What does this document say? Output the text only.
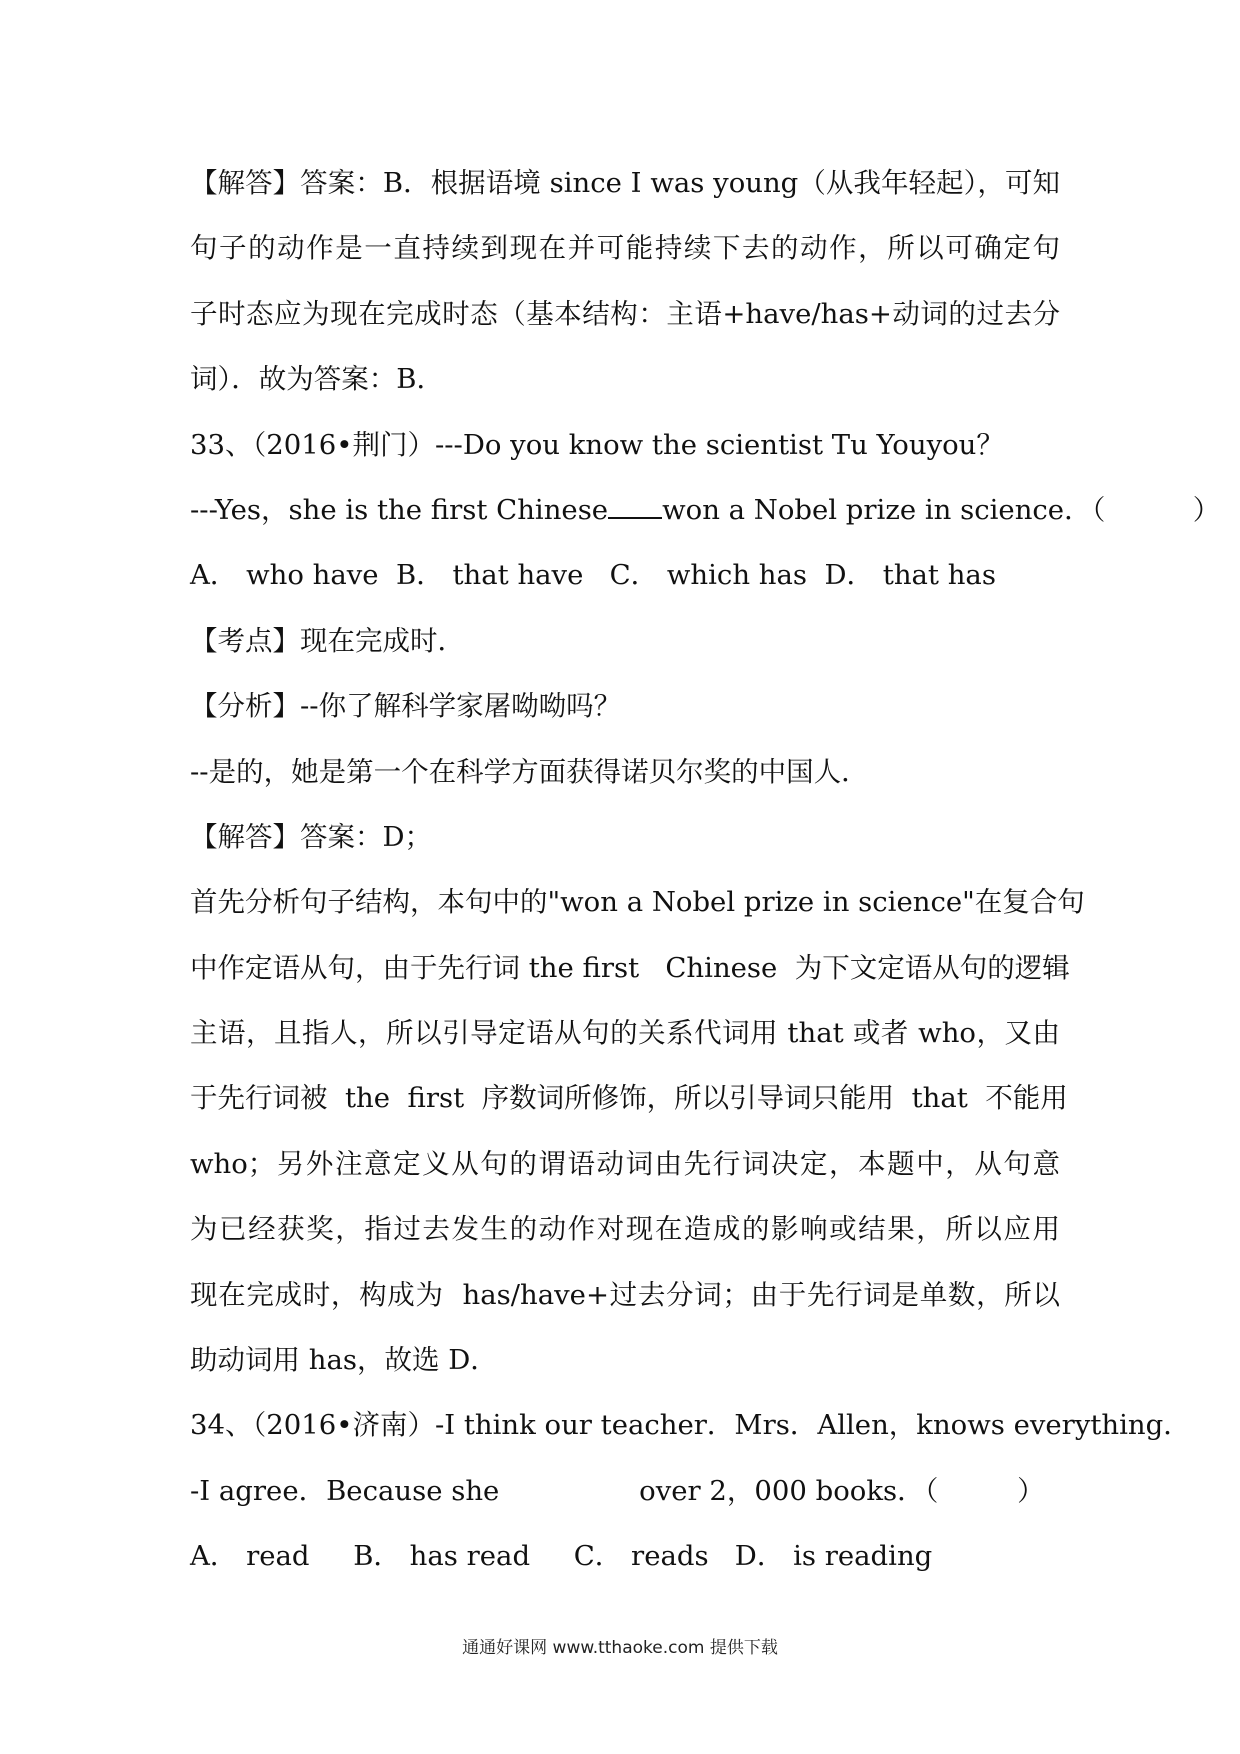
【解答】答案：B．根据语境 since I was young（从我年轻起），可知
句子的动作是一直持续到现在并可能持续下去的动作，所以可确定句
子时态应为现在完成时态（基本结构：主语+have/has+动词的过去分
词）．故为答案：B．
33、（2016•荆门）---Do you know the scientist Tu Youyou？
---Yes，she is the first Chinese won a Nobel prize in science．（          ）
A． who have  B． that have   C． which has  D． that has
【考点】现在完成时．
【分析】--你了解科学家屠呦呦吗？
--是的，她是第一个在科学方面获得诺贝尔奖的中国人．
【解答】答案：D；
首先分析句子结构，本句中的"won a Nobel prize in science"在复合句
中作定语从句，由于先行词 the first   Chinese  为下文定语从句的逻辑
主语，且指人，所以引导定语从句的关系代词用 that 或者 who，又由
于先行词被  the  first  序数词所修饰，所以引导词只能用  that  不能用
who；另外注意定义从句的谓语动词由先行词决定，本题中，从句意
为已经获奖，指过去发生的动作对现在造成的影响或结果，所以应用
现在完成时，构成为  has/have+过去分词；由于先行词是单数，所以
助动词用 has，故选 D．
34、（2016•济南）-I think our teacher．Mrs．Allen，knows everything．
-I agree．Because she                over 2，000 books．（         ）
A． read     B． has read     C． reads   D． is reading
通通好课网 www.tthaoke.com 提供下载
